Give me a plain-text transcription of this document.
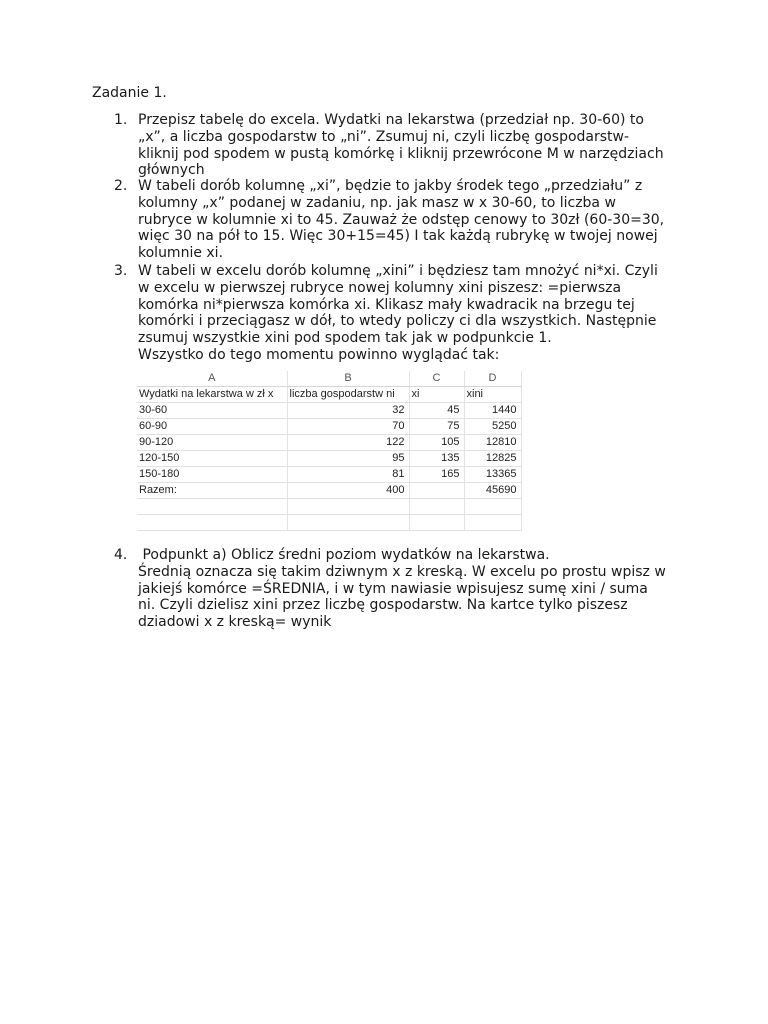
Zadanie 1.
1. Przepisz tabelę do excela. Wydatki na lekarstwa (przedział np. 30-60) to
„x”, a liczba gospodarstw to „ni”. Zsumuj ni, czyli liczbę gospodarstw-
kliknij pod spodem w pustą komórkę i kliknij przewrócone M w narzędziach
głównych
2. W tabeli dorób kolumnę „xi”, będzie to jakby środek tego „przedziału” z
kolumny „x” podanej w zadaniu, np. jak masz w x 30-60, to liczba w
rubryce w kolumnie xi to 45. Zauważ że odstęp cenowy to 30zł (60-30=30,
więc 30 na pół to 15. Więc 30+15=45) I tak każdą rubrykę w twojej nowej
kolumnie xi.
3. W tabeli w excelu dorób kolumnę „xini” i będziesz tam mnożyć ni*xi. Czyli
w excelu w pierwszej rubryce nowej kolumny xini piszesz: =pierwsza
komórka ni*pierwsza komórka xi. Klikasz mały kwadracik na brzegu tej
komórki i przeciągasz w dół, to wtedy policzy ci dla wszystkich. Następnie
zsumuj wszystkie xini pod spodem tak jak w podpunkcie 1.
Wszystko do tego momentu powinno wyglądać tak:
A	B	C	D
Wydatki na lekarstwa w zł x	liczba gospodarstw ni	xi	xini
30-60	32	45	1440
60-90	70	75	5250
90-120	122	105	12810
120-150	95	135	12825
150-180	81	165	13365
Razem:	400		45690

4. Podpunkt a) Oblicz średni poziom wydatków na lekarstwa.
Średnią oznacza się takim dziwnym x z kreską. W excelu po prostu wpisz w
jakiejś komórce =ŚREDNIA, i w tym nawiasie wpisujesz sumę xini / suma
ni. Czyli dzielisz xini przez liczbę gospodarstw. Na kartce tylko piszesz
dziadowi x z kreską= wynik
